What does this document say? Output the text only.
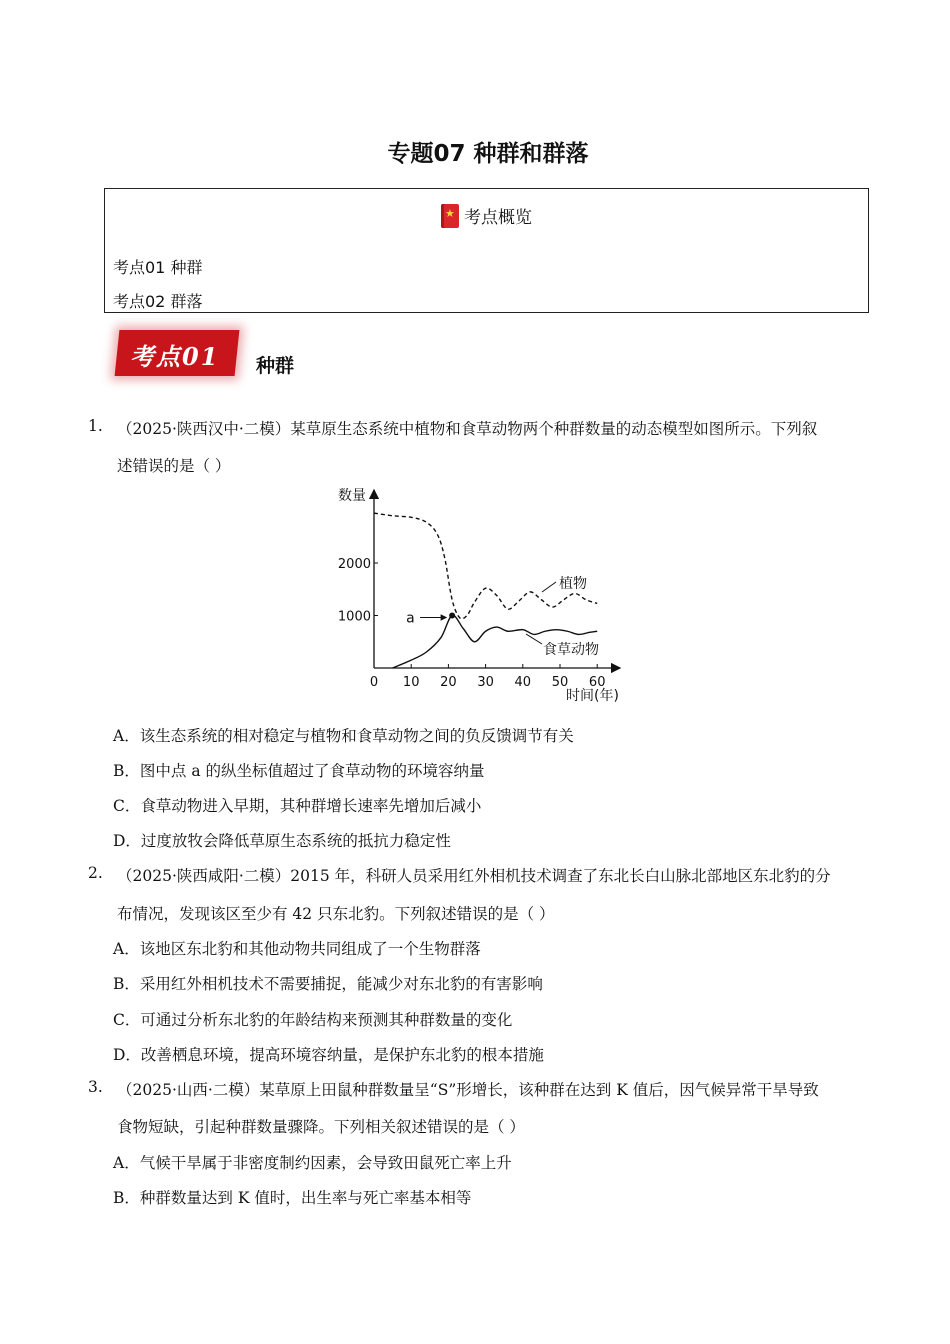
专题07 种群和群落
★考点概览
考点01 种群
考点02 群落
考点01 种群
1. （2025·陕西汉中·二模）某草原生态系统中植物和食草动物两个种群数量的动态模型如图所示。下列叙
述错误的是（ ）
数量
时间(年)
0 10 20 30 40 50 60
1000
2000
植物
食草动物
a
A．该生态系统的相对稳定与植物和食草动物之间的负反馈调节有关
B．图中点 a 的纵坐标值超过了食草动物的环境容纳量
C．食草动物进入早期，其种群增长速率先增加后减小
D．过度放牧会降低草原生态系统的抵抗力稳定性
2. （2025·陕西咸阳·二模）2015 年，科研人员采用红外相机技术调查了东北长白山脉北部地区东北豹的分
布情况，发现该区至少有 42 只东北豹。下列叙述错误的是（ ）
A．该地区东北豹和其他动物共同组成了一个生物群落
B．采用红外相机技术不需要捕捉，能减少对东北豹的有害影响
C．可通过分析东北豹的年龄结构来预测其种群数量的变化
D．改善栖息环境，提高环境容纳量，是保护东北豹的根本措施
3. （2025·山西·二模）某草原上田鼠种群数量呈“S”形增长，该种群在达到 K 值后，因气候异常干旱导致
食物短缺，引起种群数量骤降。下列相关叙述错误的是（ ）
A．气候干旱属于非密度制约因素，会导致田鼠死亡率上升
B．种群数量达到 K 值时，出生率与死亡率基本相等
